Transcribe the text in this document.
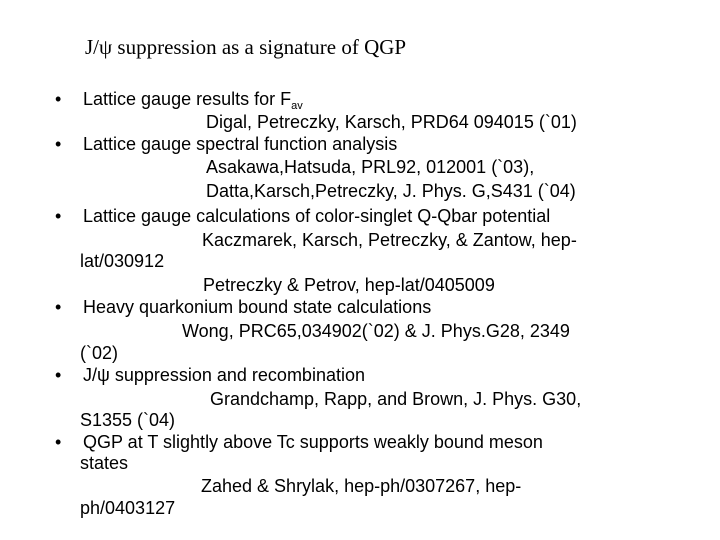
J/ψ suppression as a signature of QGP
• Lattice gauge results for $F_{av}$
Digal, Petreczky, Karsch, PRD64 094015 (`01)
• Lattice gauge spectral function analysis
Asakawa,Hatsuda, PRL92, 012001 (`03),
Datta,Karsch,Petreczky, J. Phys. G,S431 (`04)
• Lattice gauge calculations of color-singlet Q-Qbar potential
Kaczmarek, Karsch, Petreczky, & Zantow, hep-
lat/030912
Petreczky & Petrov, hep-lat/0405009
• Heavy quarkonium bound state calculations
Wong, PRC65,034902(`02) & J. Phys.G28, 2349
(`02)
• J/ψ suppression and recombination
Grandchamp, Rapp, and Brown, J. Phys. G30,
S1355 (`04)
• QGP at T slightly above Tc supports weakly bound meson
states
Zahed & Shrylak, hep-ph/0307267, hep-
ph/0403127
